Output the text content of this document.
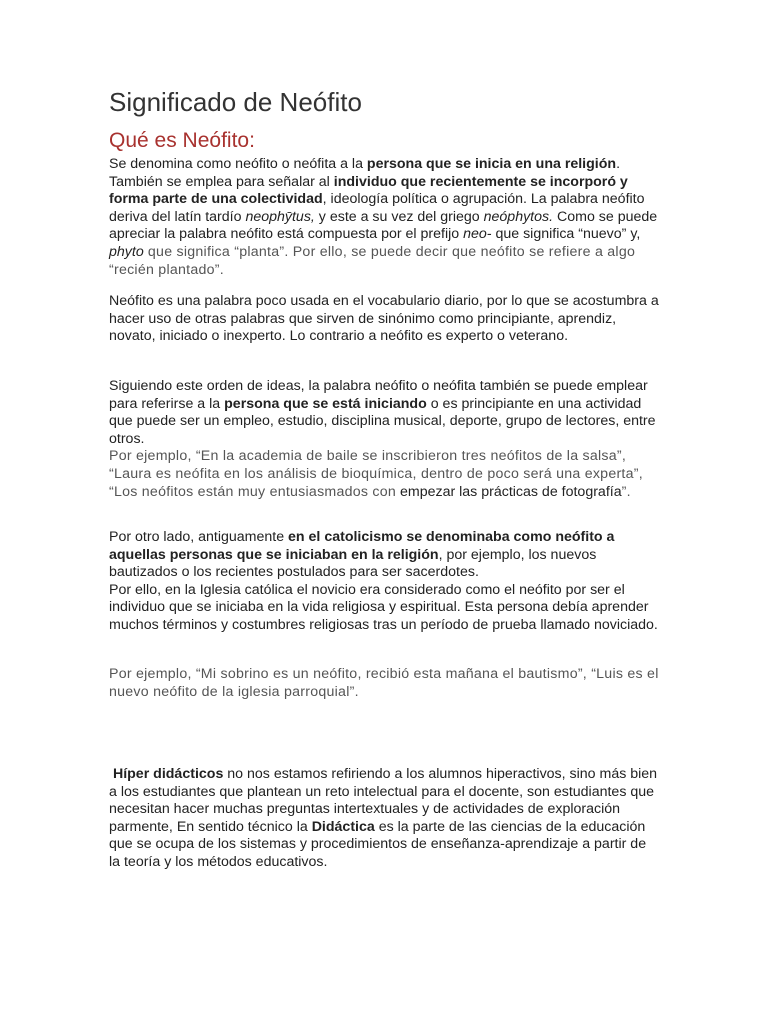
Significado de Neófito
Qué es Neófito:

Se denomina como neófito o neófita a la persona que se inicia en una religión. También se emplea para señalar al individuo que recientemente se incorporó y forma parte de una colectividad, ideología política o agrupación. La palabra neófito deriva del latín tardío neophȳtus, y este a su vez del griego neóphytos. Como se puede apreciar la palabra neófito está compuesta por el prefijo neo- que significa “nuevo” y, phyto que significa “planta”. Por ello, se puede decir que neófito se refiere a algo “recién plantado”.

Neófito es una palabra poco usada en el vocabulario diario, por lo que se acostumbra a hacer uso de otras palabras que sirven de sinónimo como principiante, aprendiz, novato, iniciado o inexperto. Lo contrario a neófito es experto o veterano.

Siguiendo este orden de ideas, la palabra neófito o neófita también se puede emplear para referirse a la persona que se está iniciando o es principiante en una actividad que puede ser un empleo, estudio, disciplina musical, deporte, grupo de lectores, entre otros.
Por ejemplo, “En la academia de baile se inscribieron tres neófitos de la salsa”, “Laura es neófita en los análisis de bioquímica, dentro de poco será una experta”, “Los neófitos están muy entusiasmados con empezar las prácticas de fotografía”.

Por otro lado, antiguamente en el catolicismo se denominaba como neófito a aquellas personas que se iniciaban en la religión, por ejemplo, los nuevos bautizados o los recientes postulados para ser sacerdotes.
Por ello, en la Iglesia católica el novicio era considerado como el neófito por ser el individuo que se iniciaba en la vida religiosa y espiritual. Esta persona debía aprender muchos términos y costumbres religiosas tras un período de prueba llamado noviciado.

Por ejemplo, “Mi sobrino es un neófito, recibió esta mañana el bautismo”, “Luis es el nuevo neófito de la iglesia parroquial”.

Híper didácticos no nos estamos refiriendo a los alumnos hiperactivos, sino más bien a los estudiantes que plantean un reto intelectual para el docente, son estudiantes que necesitan hacer muchas preguntas intertextuales y de actividades de exploración parmente, En sentido técnico la Didáctica es la parte de las ciencias de la educación que se ocupa de los sistemas y procedimientos de enseñanza-aprendizaje a partir de la teoría y los métodos educativos.
